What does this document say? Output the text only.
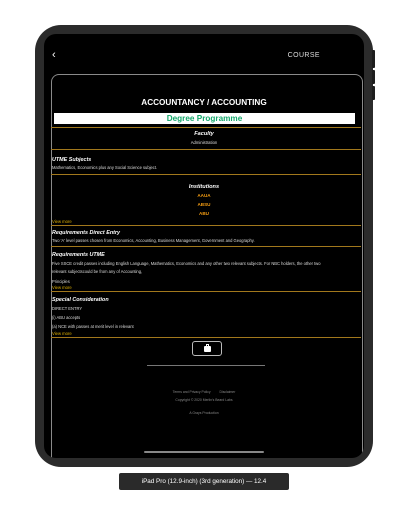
‹	COURSE
ACCOUNTANCY / ACCOUNTING
Degree Programme
Faculty
Administration
UTME Subjects
Mathematics, Economics plus any Social Science subject.
Institutions
AAUA
ABSU
ABU
View more
Requirements Direct Entry
Two 'A' level passes chosen from Economics, Accounting, Business Management, Government and Geography.
Requirements UTME
Five SSCE credit passes including English Language, Mathematics, Economics and any other two relevant subjects. For NBC holders, the other two
relevant subjectscould be from any of Accounting,
Principles
View more
Special Consideration
DIRECT ENTRY
(i) ABU accepts
(a) NCE with passes at merit level in relevant
View more
Terms and Privacy Policy	Disclaimer
Copyright © 2020 Merlin's Beard Labs
A Grays Production
iPad Pro (12.9-inch) (3rd generation) — 12.4
